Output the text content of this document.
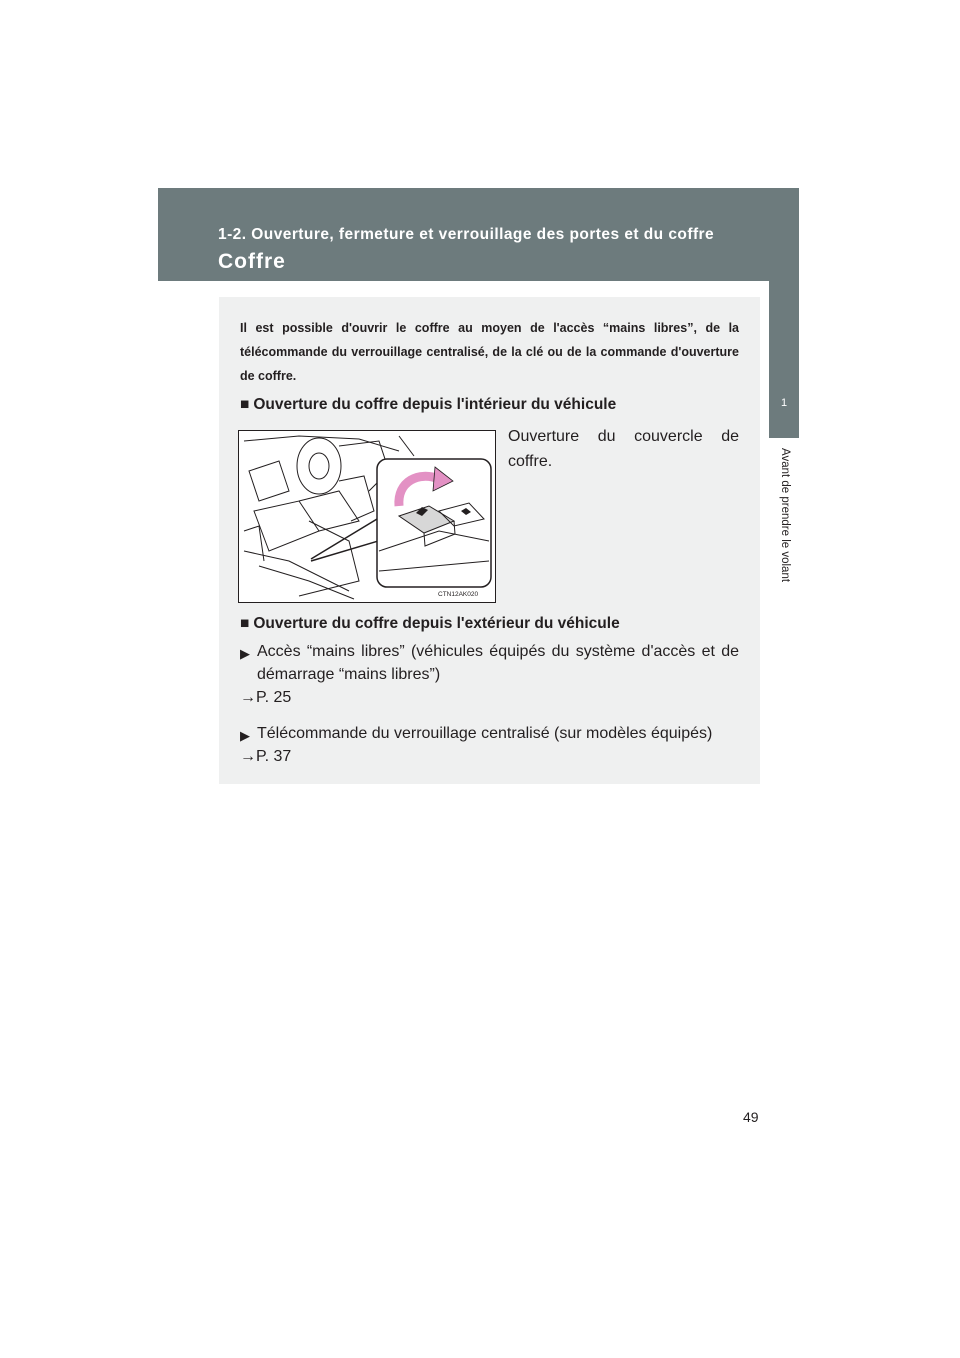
1-2. Ouverture, fermeture et verrouillage des portes et du coffre
Coffre
1
Avant de prendre le volant
Il est possible d'ouvrir le coffre au moyen de l'accès “mains libres”, de la télécommande du verrouillage centralisé, de la clé ou de la commande d'ouverture de coffre.
■ Ouverture du coffre depuis l'intérieur du véhicule
CTN12AK020
Ouverture du couvercle de coffre.
■ Ouverture du coffre depuis l'extérieur du véhicule
▶ Accès “mains libres” (véhicules équipés du système d'accès et de démarrage “mains libres”)
→P. 25
▶ Télécommande du verrouillage centralisé (sur modèles équipés)
→P. 37
49
